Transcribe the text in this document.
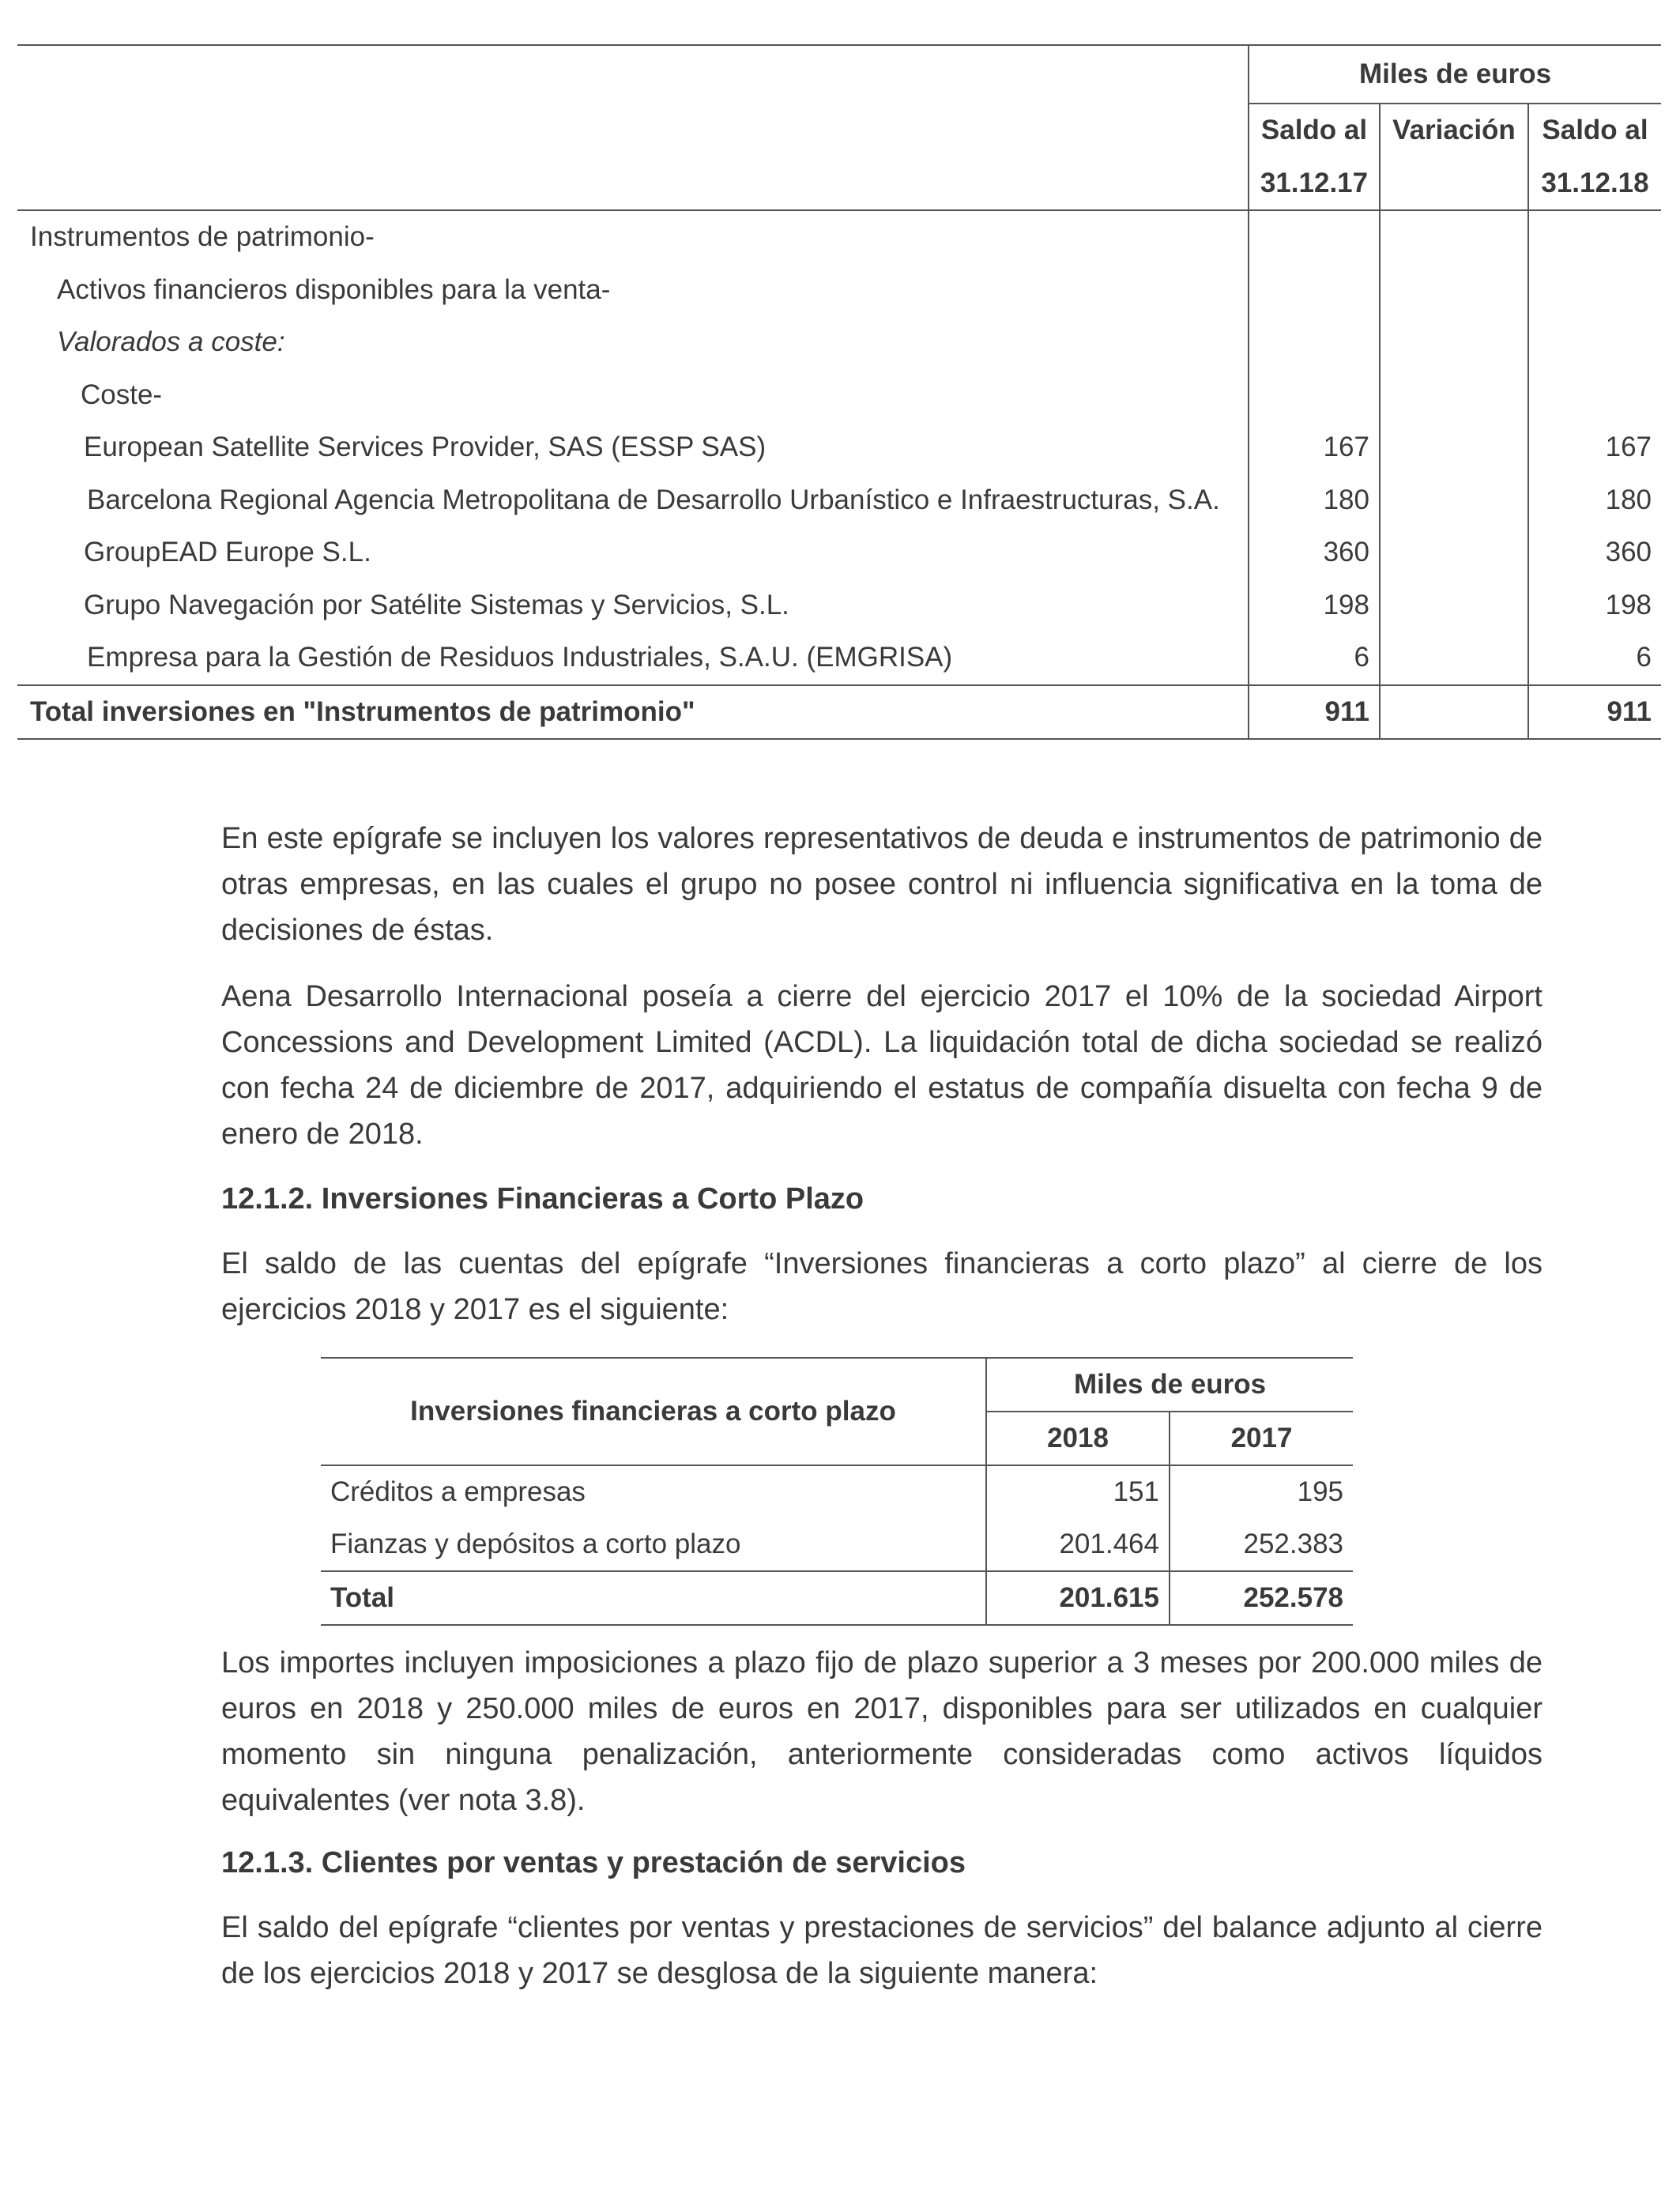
	Miles de euros		
	Saldo al	Variación	Saldo al
	31.12.17		31.12.18
Instrumentos de patrimonio-			
Activos financieros disponibles para la venta-			
Valorados a coste:			
Coste-			
European Satellite Services Provider, SAS (ESSP SAS)	167		167
Barcelona Regional Agencia Metropolitana de Desarrollo Urbanístico e Infraestructuras, S.A.	180		180
GroupEAD Europe S.L.	360		360
Grupo Navegación por Satélite Sistemas y Servicios, S.L.	198		198
Empresa para la Gestión de Residuos Industriales, S.A.U. (EMGRISA)	6		6
Total inversiones en "Instrumentos de patrimonio"	911		911

En este epígrafe se incluyen los valores representativos de deuda e instrumentos de patrimonio de otras empresas, en las cuales el grupo no posee control ni influencia significativa en la toma de decisiones de éstas.

Aena Desarrollo Internacional poseía a cierre del ejercicio 2017 el 10% de la sociedad Airport Concessions and Development Limited (ACDL). La liquidación total de dicha sociedad se realizó con fecha 24 de diciembre de 2017, adquiriendo el estatus de compañía disuelta con fecha 9 de enero de 2018.

12.1.2. Inversiones Financieras a Corto Plazo

El saldo de las cuentas del epígrafe “Inversiones financieras a corto plazo” al cierre de los ejercicios 2018 y 2017 es el siguiente:

Inversiones financieras a corto plazo	Miles de euros	
	2018	2017
Créditos a empresas	151	195
Fianzas y depósitos a corto plazo	201.464	252.383
Total	201.615	252.578

Los importes incluyen imposiciones a plazo fijo de plazo superior a 3 meses por 200.000 miles de euros en 2018 y 250.000 miles de euros en 2017, disponibles para ser utilizados en cualquier momento sin ninguna penalización, anteriormente consideradas como activos líquidos equivalentes (ver nota 3.8).

12.1.3. Clientes por ventas y prestación de servicios

El saldo del epígrafe “clientes por ventas y prestaciones de servicios” del balance adjunto al cierre de los ejercicios 2018 y 2017 se desglosa de la siguiente manera:
